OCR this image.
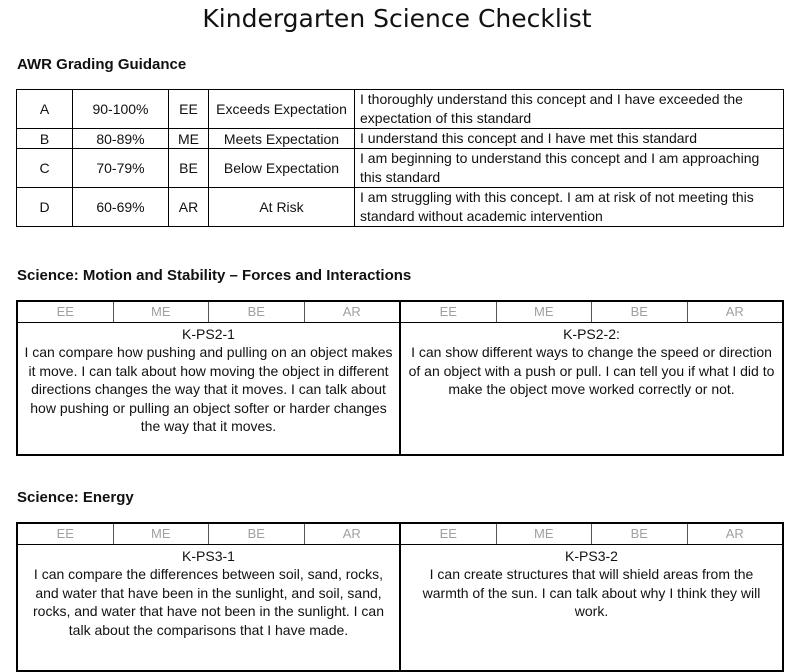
Kindergarten Science Checklist
AWR Grading Guidance
A	90-100%	EE	Exceeds Expectation	I thoroughly understand this concept and I have exceeded the expectation of this standard
B	80-89%	ME	Meets Expectation	I understand this concept and I have met this standard
C	70-79%	BE	Below Expectation	I am beginning to understand this concept and I am approaching this standard
D	60-69%	AR	At Risk	I am struggling with this concept. I am at risk of not meeting this standard without academic intervention
Science: Motion and Stability – Forces and Interactions
EE	ME	BE	AR
K-PS2-1
I can compare how pushing and pulling on an object makes it move. I can talk about how moving the object in different directions changes the way that it moves. I can talk about how pushing or pulling an object softer or harder changes the way that it moves.

EE	ME	BE	AR
K-PS2-2:
I can show different ways to change the speed or direction of an object with a push or pull. I can tell you if what I did to make the object move worked correctly or not.
Science: Energy
EE	ME	BE	AR
K-PS3-1
I can compare the differences between soil, sand, rocks, and water that have been in the sunlight, and soil, sand, rocks, and water that have not been in the sunlight. I can talk about the comparisons that I have made.

EE	ME	BE	AR
K-PS3-2
I can create structures that will shield areas from the warmth of the sun. I can talk about why I think they will work.
